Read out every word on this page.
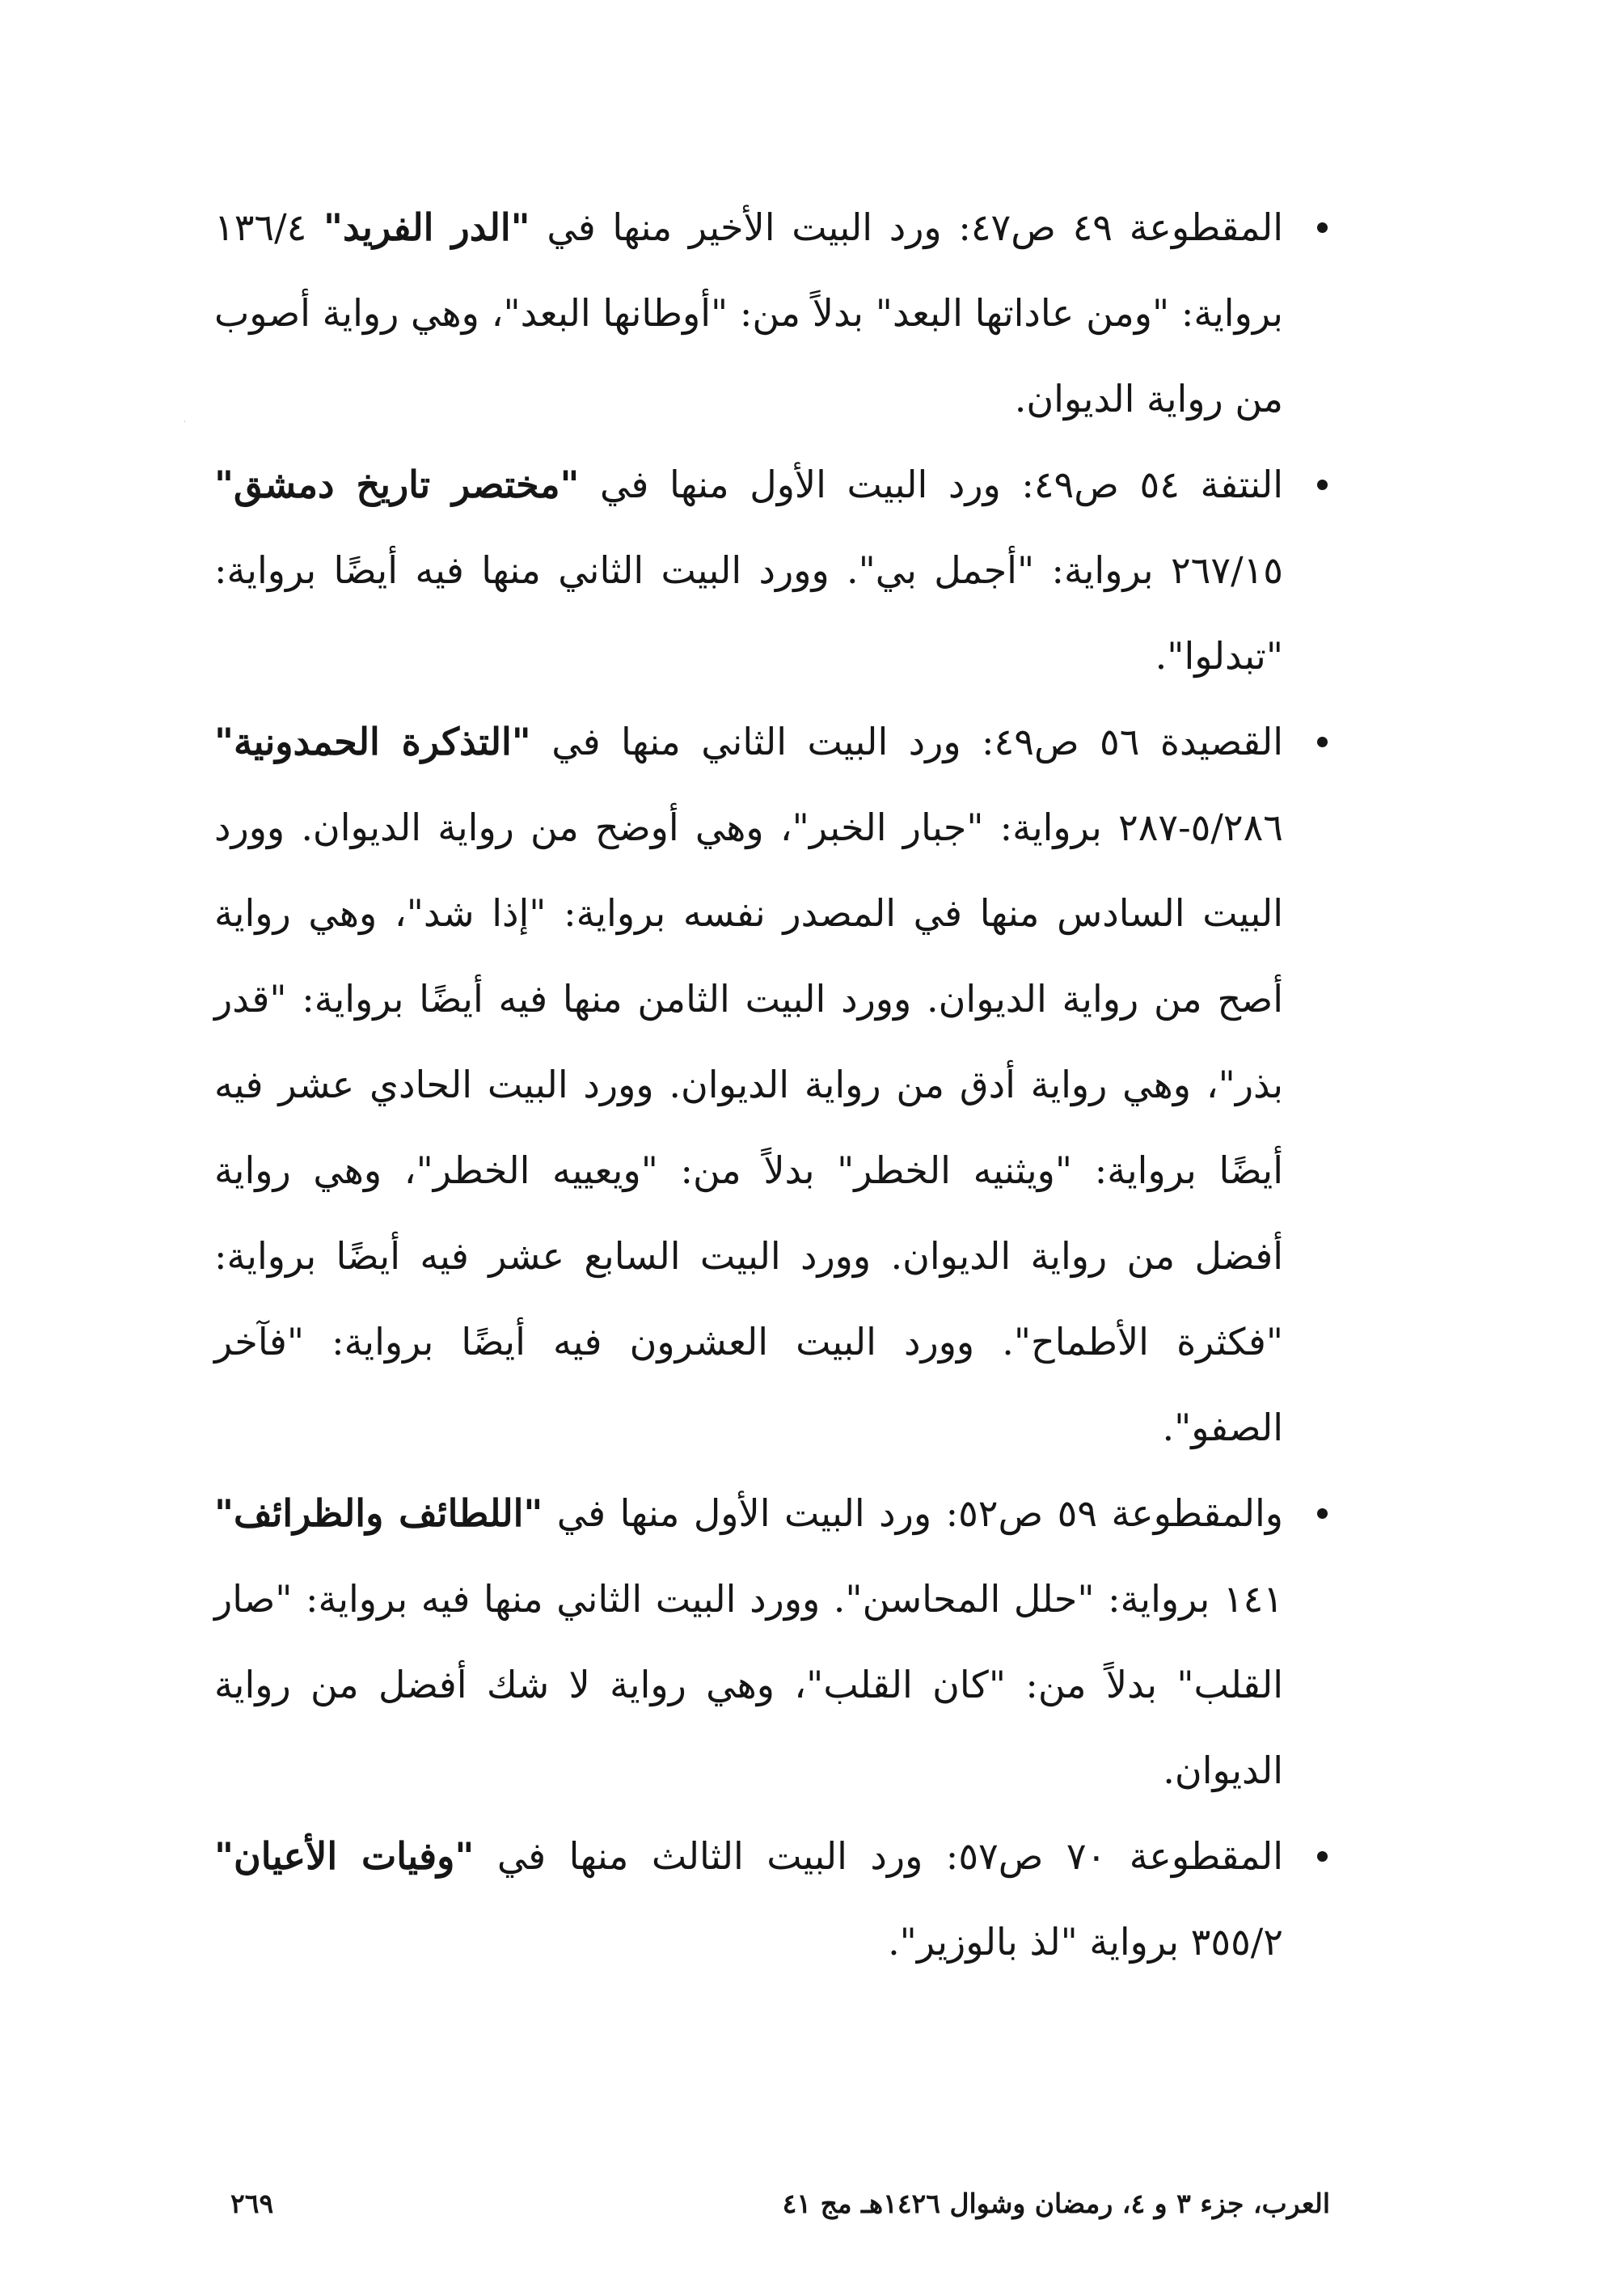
المقطوعة ٤٩ ص٤٧: ورد البيت الأخير منها في "الدر الفريد" ١٣٦/٤ برواية: "ومن عاداتها البعد" بدلاً من: "أوطانها البعد"، وهي رواية أصوب من رواية الديوان.

النتفة ٥٤ ص٤٩: ورد البيت الأول منها في "مختصر تاريخ دمشق" ٢٦٧/١٥ برواية: "أجمل بي". وورد البيت الثاني منها فيه أيضًا برواية: "تبدلوا".

القصيدة ٥٦ ص٤٩: ورد البيت الثاني منها في "التذكرة الحمدونية" ٥/٢٨٦-٢٨٧ برواية: "جبار الخبر"، وهي أوضح من رواية الديوان. وورد البيت السادس منها في المصدر نفسه برواية: "إذا شد"، وهي رواية أصح من رواية الديوان. وورد البيت الثامن منها فيه أيضًا برواية: "قدر بذر"، وهي رواية أدق من رواية الديوان. وورد البيت الحادي عشر فيه أيضًا برواية: "ويثنيه الخطر" بدلاً من: "ويعييه الخطر"، وهي رواية أفضل من رواية الديوان. وورد البيت السابع عشر فيه أيضًا برواية: "فكثرة الأطماح". وورد البيت العشرون فيه أيضًا برواية: "فآخر الصفو".

والمقطوعة ٥٩ ص٥٢: ورد البيت الأول منها في "اللطائف والظرائف" ١٤١ برواية: "حلل المحاسن". وورد البيت الثاني منها فيه برواية: "صار القلب" بدلاً من: "كان القلب"، وهي رواية لا شك أفضل من رواية الديوان.

المقطوعة ٧٠ ص٥٧: ورد البيت الثالث منها في "وفيات الأعيان" ٣٥٥/٢ برواية "لذ بالوزير".

العرب، جزء ٣ و ٤، رمضان وشوال ١٤٢٦هـ مج ٤١
٢٦٩
